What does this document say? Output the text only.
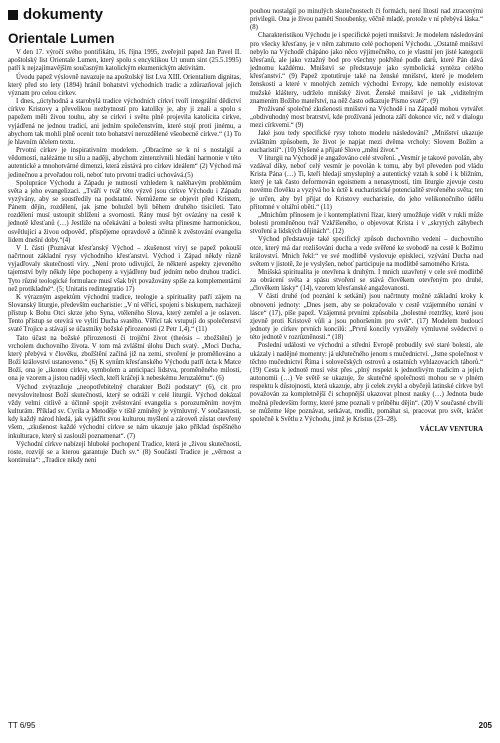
dokumenty
Orientale Lumen

V den 17. výročí svého pontifikátu, 16. října 1995, zveřejnil papež Jan Pavel II. apoštolský list Orientale Lumen, který spolu s encyklikou Ut unum sint (25.5.1995) patří k nejzajímavějším současným katolickým ekumenickým aktivitám.

Úvodu papež výslovně navazuje na apoštolský list Lva XIII. Orientalium dignitas, který před sto lety (1894) hránil bohatství východních tradic a zdůrazňoval jejich význam pro celou církev.

I dnes, „úctyhodná a starobylá tradice východních církví tvoří integrální dědictví církve Kristovy a převelikou nezbytností pro katolíky je, aby ji znali a spolu s papežem měli živou touhu, aby se církvi i světu plně projevila katolicita církve, vyjádřená ne jednou tradicí, ani jedním společenstvím, které stojí proti jinému, a abychom tak mohli plně ocenit toto bohatství nerozdělené všeobecné církve.“ (1) To je hlavním účelem textu.

Prvotní církev je inspirativním modelem. „Obracíme se k ní s nostalgií a vědomostí, nalézáme tu sílu a naději, abychom zintenzívnili hledání harmonie v této autentické a mnohotvárné dimenzi, která zůstává pro církev ideálem“ (2) Východ má jedinečnou a prvořadou roli, neboť tuto prvotní tradici uchovává.(5)

Spolupráce Východu a Západu je nutností vzhledem k naléhavým problémům světa a jeho evangelizaci. „Tváří v tvář této výzvě jsou církve Východu i Západu vyzývány, aby se soustředily na podstatné. Nemůžeme se objevit před Kristem, Pánem dějin, rozdělení, jak jsme bohužel byli během druhého tisíciletí. Tato rozdělení musí ustoupit sblížení a svornosti. Rány musí být ovázány na cestě k jednotě křesťanů (…) Jestliže na očekávání a bolesti světa přinesme harmonickou, osvětlující a živou odpověď, přispějeme opravdově a účinně k zvěstování evangelia lidem dnešní doby.“(4)

V I. části (Poznávat křesťanský Východ – zkušenost víry) se papež pokouší načrtnout základní rysy východního křesťanství. Východ i Západ někdy různě vyjadřovaly skutečnosti víry. „Není proto udivující, že některé aspekty zjeveného tajemství byly někdy lépe pochopeny a vyjádřeny buď jedním nebo druhou tradicí. Tyto různé teologické formulace musí však být považovány spíše za komplementární než protikladné“. (5; Unitatis redintegratio 17)

K výrazným aspektům východní tradice, teologie a spirituality patří zájem na Slovanský liturgie, především eucharistie: „V ní věřící, spojeni s biskupem, nacházejí přístup k Bohu Otci skrze jeho Syna, vtěleného Slova, který zemřel a je oslaven. Tento přístup se otevírá ve vylití Ducha svatého. Věřící tak vstupují do společenství svaté Trojice a stávají se účastníky božské přirozenosti (2 Petr 1,4).“ (11)

Tato účast na božské přirozenosti či trojiční život (theósis – zbožštění) je vrcholem duchovního života. V tom má zvláštní úlohu Duch svatý. „Moci Ducha, který přebývá v člověku, zbožštění začíná již na zemi, stvoření je proměňováno a Boží království ustanoveno.“ (6) K synům křesťanského Východu patří úcta k Matce Boží, ona je „ikonou církve, symbolem a anticipací lidstva, proměněného milostí, ona je vzorem a jistou nadějí všech, kteří kráčejí k nebeskému Jeruzalému“. (6)

Východ zvýrazňuje „neopotřebitelný charakter Boží podstaty“ (6), cit pro nevyslovitelnost Boží skutečnosti, který se odráží v celé liturgii. Východ dokázal vždy velmi citlivě a účinně spojit zvěstování evangelia s porozuměním novým kulturám. Příklad sv. Cyrila a Metoděje v tiště zmíněný je výmluvný. V současnosti, kdy každý národ hledá, jak vyjádřit svou kulturou myšlení a zároveň zůstat otevřený všem, „zkušenost každé východní církve se nám ukazuje jako příklad úspěšného inkulturace, který si zaslouží poznamenat“. (7)

Východní církve nabízejí hluboké pochopení Tradice, která je „živou skutečností, roste, rozvíjí se a kterou garantuje Duch sv.“ (8) Součástí Tradice je „věrnost a kontinuita“: „Tradice nikdy není

pouhou nostalgií po minulých skutečnostech či formách, není lítostí nad ztracenými privilegii. Ona je živou pamětí Snoubenky, věčně mladé, protože v ní přebývá láska.“ (8)

Charakteristikou Východu je i specifické pojetí mnišství: Je modelem následování pro všecky křesťany, je v něm zahrnuto celé pochopení Východu. „Ostatně mnišství nebylo na Východě chápáno jako něco výjimečného, co je vlastní jen jisté kategorii křesťanů, ale jako vztažný bod pro všechny pokřtěné podle darů, které Pán dává jednomu každému. Mnišství se představuje jako symbolická syntéza celého křesťanství.“ (9) Papež zpotutíruje také na ženské mnišství, které je modelem ženskosti a které v mnohých zemích východní Evropy, kde nemohly existovat mužské kláštery, udrželo mnišský život. Ženské mnišství je tak „viditelným znamením Božího mateřství, na něž často odkazuje Písmo svaté“. (9)

Prožívané společné zkušenosti mnišství na Východě i na Západě mohou vytvářet „obdivuhodný most bratrství, kde prožívaná jednota září dokonce víc, než v dialogu mezi církvemi.“ (9)

Jaké jsou tedy specifické rysy tohoto modelu následování? „Mnišství ukazuje zvláštním způsobem, že život je napjat mezi dvěma vrcholy: Slovem Božím a eucharistií“. (10) Slyšené a přijaté Slovo „mění život.“

V liturgii na Východě je angažováno celé stvoření. „Vesmír je takové povolán, aby vzdával díky, neboť celý vesmír je povolán k tomu, aby byl převeden pod vládu Krista Pána (…) Ti, kteří hledají smysluplný a autentický vztah k sobě i k bližním, který je tak často deformován egoismem a nenasytností, tím liturgie zjevuje cestu novému člověku a vyzývá ho k úctě k eucharistické potencialitě stvořeného světa; ten je určen, aby byl přijat do Kristovy eucharistie, do jeho velikonočního údělu přítomné v oltářní oběti.“ (11)

„Mnichům přínosem je i kontemplativní řízar, který umožňuje vidět v rukli může bolesti proměněnou tvář Vzkříšeného, o objevovat Krista i v „skrytých záhybech stvoření a lidských dějinách“. (12)

Východ představuje také specifický způsob duchovního vedení – duchovního otce, který má dar rozlišování ducha a vede svěřené ke svobodě na cestě k Božímu království. Mnich řekl:“ ve své modlitbě vyslovuje episkleci, vzývání Ducha nad světem v jistotě, že je vyslyšen, neboť participuje na modlitbě samotného Krista.

Mnišská spiritualita je otevřena k druhým. I mnich uzavřený v cele své modlitbě za obrácení světa a spásu stvoření se stává člověkem otevřeným pro druhé, „člověkem lásky“ (14), vzorem křesťanské angažovanosti.

V části druhé (od poznání k setkání) jsou načrtnuty možné základní kroky k obnovení jednoty: „Dnes jsem, aby se pokračovalo v cestě vzájemného uznání v lásce“ (17), píše papež. Vzájemná prvními způsobila „bolestné roztržky, které jsou zjevně proti Kristově vůli a jsou pohoršením pro svět“. (17) Modelem budoucí jednoty je církev prvních koncilů: „První koncily vytvářely výmluvné svědectví o této jednotě v rozrůzněnosti.“ (18)

Poslední události ve východní a střední Evropě probudily své staré bolesti, ale ukázaly i nadějné momenty: já ukřutečného jenom s mučednictví. „Jsme společnost v těchto mučednictví Říma i solovečských ostrovů a ostatních vyhlazovacích táborů.“ (19) Cesta k jednotě musí vést přes „plný respekt k jednotlivým tradicím a jejich autonomii (…) Ve světě se ukazuje, že skutečné společnosti mohou se v plném respektu k důstojnosti, která ukazuje, aby ji celek zvykl a obyčejů latinské církve byl považován za kompletnější či schopnější ukazovat plnost nauky (…) Jednota bude možná především formy, které jsme poznali v průběhu dějin“. (20) V současné chvíli se můžeme lépe poznávat, setkávat, modlit, pomáhat si, pracovat pro svět, kráčet společně k Světlu z Východu, jímž je Kristus (23–28).

VÁCLAV VENTURA
TT 6/95	205
